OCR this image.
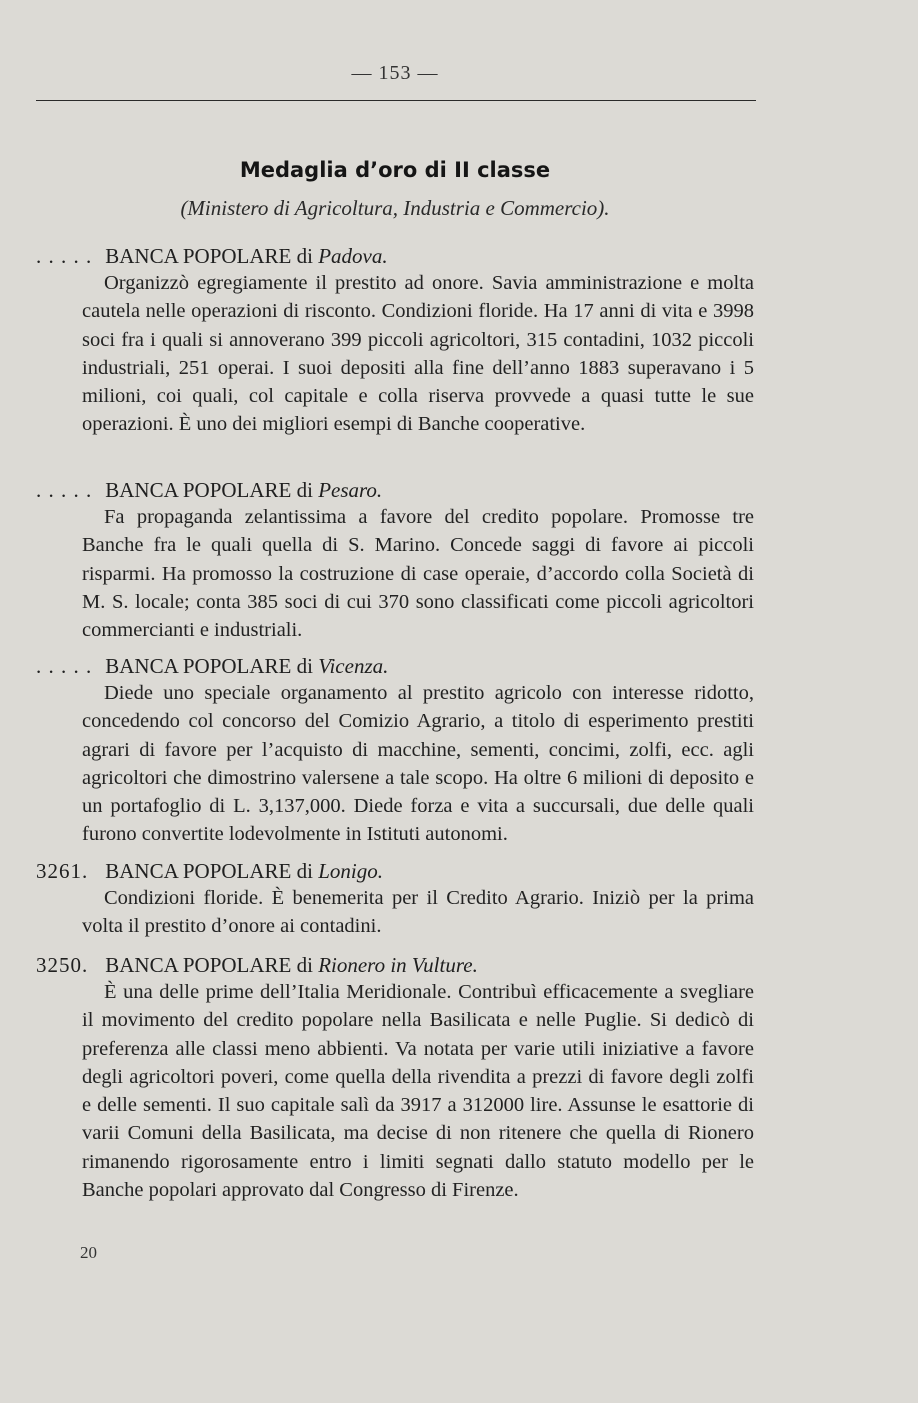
— 153 —
Medaglia d’oro di II classe
(Ministero di Agricoltura, Industria e Commercio).
. . . . . BANCA POPOLARE di Padova.
Organizzò egregiamente il prestito ad onore. Savia amministrazione e molta cautela nelle operazioni di risconto. Condizioni floride. Ha 17 anni di vita e 3998 soci fra i quali si annoverano 399 piccoli agricoltori, 315 contadini, 1032 piccoli industriali, 251 operai. I suoi depositi alla fine dell’anno 1883 superavano i 5 milioni, coi quali, col capitale e colla riserva provvede a quasi tutte le sue operazioni. È uno dei migliori esempi di Banche cooperative.
. . . . . BANCA POPOLARE di Pesaro.
Fa propaganda zelantissima a favore del credito popolare. Promosse tre Banche fra le quali quella di S. Marino. Concede saggi di favore ai piccoli risparmi. Ha promosso la costruzione di case operaie, d’accordo colla Società di M. S. locale; conta 385 soci di cui 370 sono classificati come piccoli agricoltori commercianti e industriali.
. . . . . BANCA POPOLARE di Vicenza.
Diede uno speciale organamento al prestito agricolo con interesse ridotto, concedendo col concorso del Comizio Agrario, a titolo di esperimento prestiti agrari di favore per l’acquisto di macchine, sementi, concimi, zolfi, ecc. agli agricoltori che dimostrino valersene a tale scopo. Ha oltre 6 milioni di deposito e un portafoglio di L. 3,137,000. Diede forza e vita a succursali, due delle quali furono convertite lodevolmente in Istituti autonomi.
3261. BANCA POPOLARE di Lonigo.
Condizioni floride. È benemerita per il Credito Agrario. Iniziò per la prima volta il prestito d’onore ai contadini.
3250. BANCA POPOLARE di Rionero in Vulture.
È una delle prime dell’Italia Meridionale. Contribuì efficacemente a svegliare il movimento del credito popolare nella Basilicata e nelle Puglie. Si dedicò di preferenza alle classi meno abbienti. Va notata per varie utili iniziative a favore degli agricoltori poveri, come quella della rivendita a prezzi di favore degli zolfi e delle sementi. Il suo capitale salì da 3917 a 312000 lire. Assunse le esattorie di varii Comuni della Basilicata, ma decise di non ritenere che quella di Rionero rimanendo rigorosamente entro i limiti segnati dallo statuto modello per le Banche popolari approvato dal Congresso di Firenze.
20
